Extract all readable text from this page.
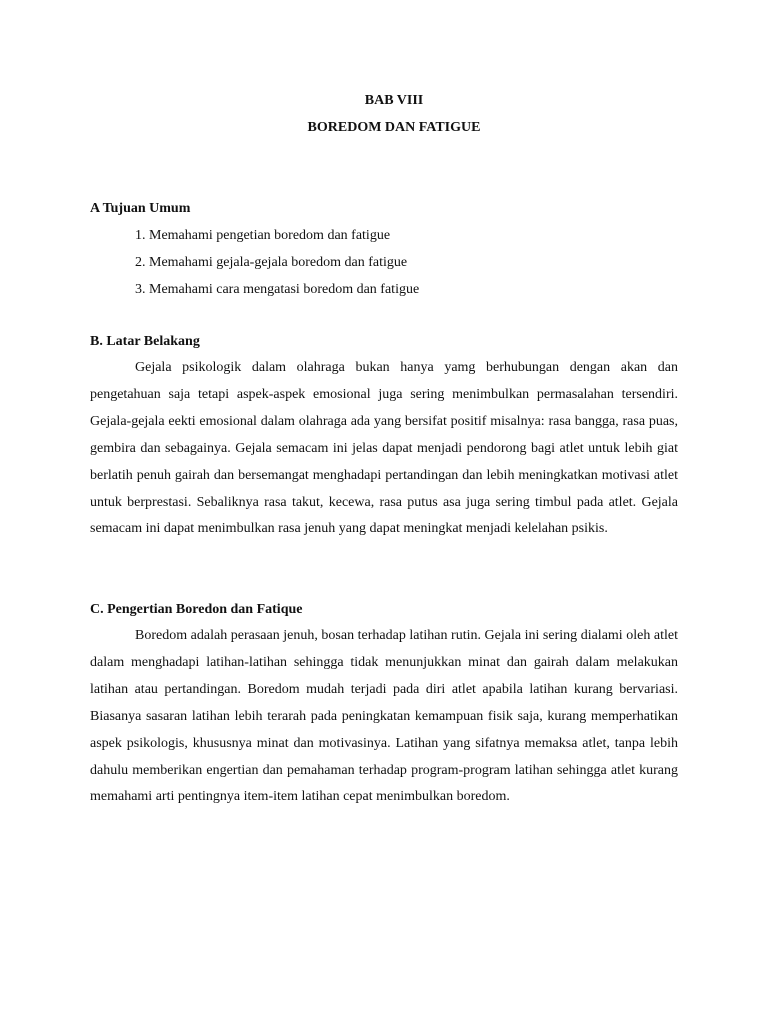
BAB VIII
BOREDOM DAN FATIGUE
A Tujuan Umum
1. Memahami pengetian boredom dan fatigue
2. Memahami gejala-gejala boredom dan fatigue
3. Memahami cara mengatasi boredom dan fatigue
B. Latar Belakang

Gejala psikologik dalam olahraga bukan hanya yamg berhubungan dengan akan dan pengetahuan saja tetapi aspek-aspek emosional juga sering menimbulkan permasalahan tersendiri. Gejala-gejala eekti emosional dalam olahraga ada yang bersifat positif misalnya: rasa bangga, rasa puas, gembira dan sebagainya. Gejala semacam ini jelas dapat menjadi pendorong bagi atlet untuk lebih giat berlatih penuh gairah dan bersemangat menghadapi pertandingan dan lebih meningkatkan motivasi atlet untuk berprestasi. Sebaliknya rasa takut, kecewa, rasa putus asa juga sering timbul pada atlet. Gejala semacam ini dapat menimbulkan rasa jenuh yang dapat meningkat menjadi kelelahan psikis.

C. Pengertian Boredon dan Fatique

Boredom adalah perasaan jenuh, bosan terhadap latihan rutin. Gejala ini sering dialami oleh atlet dalam menghadapi latihan-latihan sehingga tidak menunjukkan minat dan gairah dalam melakukan latihan atau pertandingan. Boredom mudah terjadi pada diri atlet apabila latihan kurang bervariasi. Biasanya sasaran latihan lebih terarah pada peningkatan kemampuan fisik saja, kurang memperhatikan aspek psikologis, khususnya minat dan motivasinya. Latihan yang sifatnya memaksa atlet, tanpa lebih dahulu memberikan engertian dan pemahaman terhadap program-program latihan sehingga atlet kurang memahami arti pentingnya item-item latihan cepat menimbulkan boredom.
